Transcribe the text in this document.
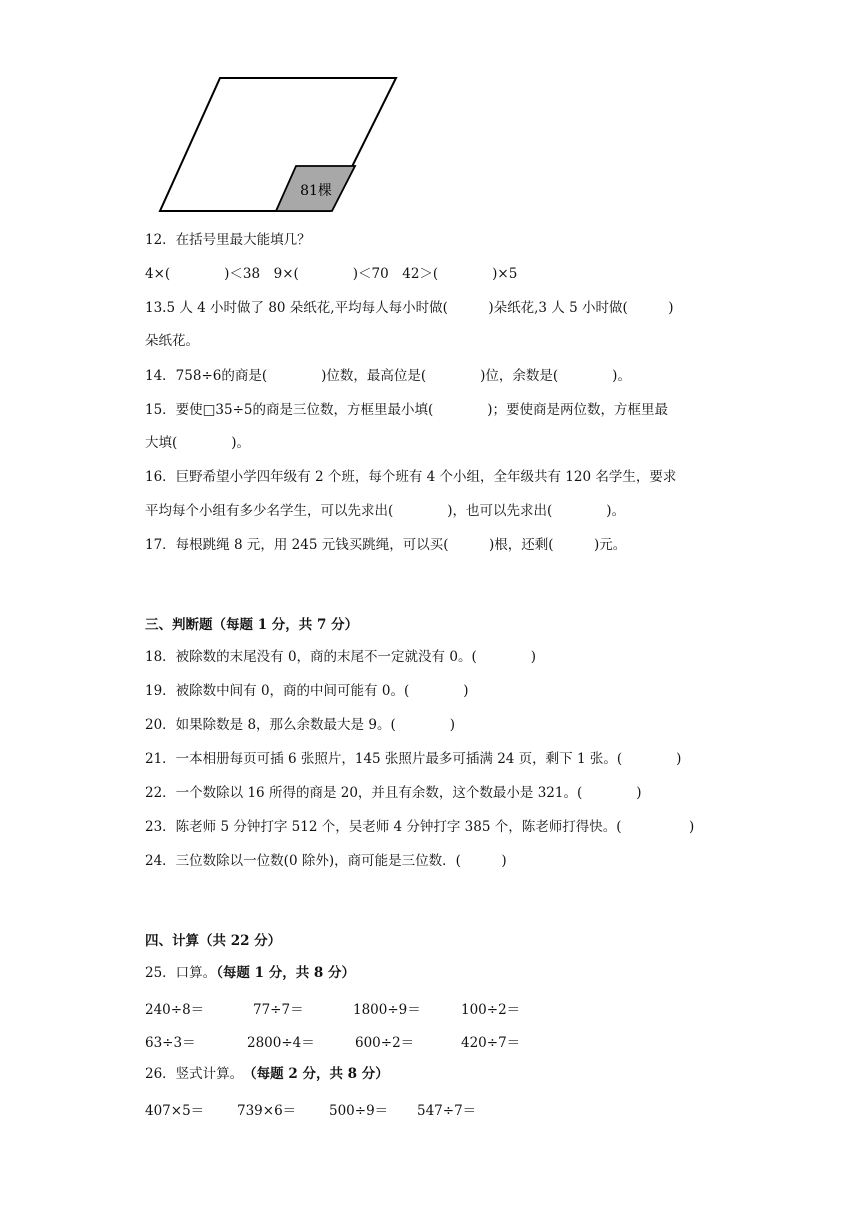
81棵
12．在括号里最大能填几？
4×(　　　　)＜38　9×(　　　　)＜70　42＞(　　　　)×5
13.5 人 4 小时做了 80 朵纸花,平均每人每小时做(　　　)朵纸花,3 人 5 小时做(　　　)
朵纸花。
14．758÷6的商是(　　　　)位数，最高位是(　　　　)位，余数是(　　　　)。
15．要使□35÷5的商是三位数，方框里最小填(　　　　)；要使商是两位数，方框里最
大填(　　　　)。
16．巨野希望小学四年级有 2 个班，每个班有 4 个小组，全年级共有 120 名学生，要求
平均每个小组有多少名学生，可以先求出(　　　　)，也可以先求出(　　　　)。
17．每根跳绳 8 元，用 245 元钱买跳绳，可以买(　　　)根，还剩(　　　)元。
三、判断题（每题 1 分，共 7 分）
18．被除数的末尾没有 0，商的末尾不一定就没有 0。(　　　　)
19．被除数中间有 0，商的中间可能有 0。(　　　　)
20．如果除数是 8，那么余数最大是 9。(　　　　)
21．一本相册每页可插 6 张照片，145 张照片最多可插满 24 页，剩下 1 张。(　　　　)
22．一个数除以 16 所得的商是 20，并且有余数，这个数最小是 321。(　　　　)
23．陈老师 5 分钟打字 512 个，吴老师 4 分钟打字 385 个，陈老师打得快。(　　　　　)
24．三位数除以一位数(0 除外)，商可能是三位数．(　　　)
四、计算（共 22 分）
25．口算。（每题 1 分，共 8 分）
240÷8＝	77÷7＝	1800÷9＝	100÷2＝
63÷3＝	2800÷4＝	600÷2＝	420÷7＝
26．竖式计算。　（每题 2 分，共 8 分）
407×5＝ 739×6＝ 500÷9＝ 547÷7＝
